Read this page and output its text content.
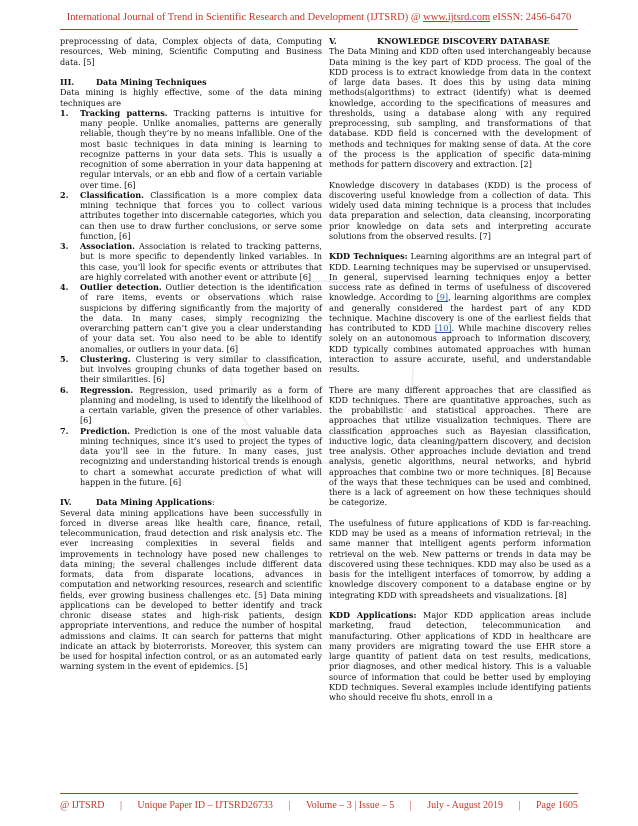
International Journal of Trend in Scientific Research and Development (IJTSRD) @ www.ijtsrd.com eISSN: 2456-6470

preprocessing of data, Complex objects of data, Computing resources, Web mining, Scientific Computing and Business data. [5]

III.	Data Mining Techniques

Data mining is highly effective, some of the data mining techniques are

1. Tracking patterns. Tracking patterns is intuitive for many people. Unlike anomalies, patterns are generally reliable, though they’re by no means infallible. One of the most basic techniques in data mining is learning to recognize patterns in your data sets. This is usually a recognition of some aberration in your data happening at regular intervals, or an ebb and flow of a certain variable over time. [6]
2. Classification. Classification is a more complex data mining technique that forces you to collect various attributes together into discernable categories, which you can then use to draw further conclusions, or serve some function, [6]
3. Association. Association is related to tracking patterns, but is more specific to dependently linked variables. In this case, you’ll look for specific events or attributes that are highly correlated with another event or attribute [6]
4. Outlier detection. Outlier detection is the identification of rare items, events or observations which raise suspicions by differing significantly from the majority of the data. In many cases, simply recognizing the overarching pattern can’t give you a clear understanding of your data set. You also need to be able to identify anomalies, or outliers in your data. [6]
5. Clustering. Clustering is very similar to classification, but involves grouping chunks of data together based on their similarities. [6]
6. Regression. Regression, used primarily as a form of planning and modeling, is used to identify the likelihood of a certain variable, given the presence of other variables. [6]
7. Prediction. Prediction is one of the most valuable data mining techniques, since it’s used to project the types of data you’ll see in the future. In many cases, just recognizing and understanding historical trends is enough to chart a somewhat accurate prediction of what will happen in the future. [6]

IV.	Data Mining Applications:

Several data mining applications have been successfully in forced in diverse areas like health care, finance, retail, telecommunication, fraud detection and risk analysis etc. The ever increasing complexities in several fields and improvements in technology have posed new challenges to data mining; the several challenges include different data formats, data from disparate locations, advances in computation and networking resources, research and scientific fields, ever growing business challenges etc. [5] Data mining applications can be developed to better identify and track chronic disease states and high-risk patients, design appropriate interventions, and reduce the number of hospital admissions and claims. It can search for patterns that might indicate an attack by bioterrorists. Moreover, this system can be used for hospital infection control, or as an automated early warning system in the event of epidemics. [5]

V.	KNOWLEDGE DISCOVERY DATABASE

The Data Mining and KDD often used interchangeably because Data mining is the key part of KDD process. The goal of the KDD process is to extract knowledge from data in the context of large data bases. It does this by using data mining methods(algorithms) to extract (identify) what is deemed knowledge, according to the specifications of measures and thresholds, using a database along with any required preprocessing, sub sampling, and transformations of that database. KDD field is concerned with the development of methods and techniques for making sense of data. At the core of the process is the application of specific data-mining methods for pattern discovery and extraction. [2]

Knowledge discovery in databases (KDD) is the process of discovering useful knowledge from a collection of data. This widely used data mining technique is a process that includes data preparation and selection, data cleansing, incorporating prior knowledge on data sets and interpreting accurate solutions from the observed results. [7]

KDD Techniques: Learning algorithms are an integral part of KDD. Learning techniques may be supervised or unsupervised. In general, supervised learning techniques enjoy a better success rate as defined in terms of usefulness of discovered knowledge. According to [9], learning algorithms are complex and generally considered the hardest part of any KDD technique. Machine discovery is one of the earliest fields that has contributed to KDD [10]. While machine discovery relies solely on an autonomous approach to information discovery, KDD typically combines automated approaches with human interaction to assure accurate, useful, and understandable results.

There are many different approaches that are classified as KDD techniques. There are quantitative approaches, such as the probabilistic and statistical approaches. There are approaches that utilize visualization techniques. There are classification approaches such as Bayesian classification, inductive logic, data cleaning/pattern discovery, and decision tree analysis. Other approaches include deviation and trend analysis, genetic algorithms, neural networks, and hybrid approaches that combine two or more techniques. [8] Because of the ways that these techniques can be used and combined, there is a lack of agreement on how these techniques should be categorize.

The usefulness of future applications of KDD is far-reaching. KDD may be used as a means of information retrieval; in the same manner that intelligent agents perform information retrieval on the web. New patterns or trends in data may be discovered using these techniques. KDD may also be used as a basis for the intelligent interfaces of tomorrow, by adding a knowledge discovery component to a database engine or by integrating KDD with spreadsheets and visualizations. [8]

KDD Applications: Major KDD application areas include marketing, fraud detection, telecommunication and manufacturing. Other applications of KDD in healthcare are many providers are migrating toward the use EHR store a large quantity of patient data on test results, medications, prior diagnoses, and other medical history. This is a valuable source of information that could be better used by employing KDD techniques. Several examples include identifying patients who should receive flu shots, enroll in a

@ IJTSRD | Unique Paper ID – IJTSRD26733 | Volume – 3 | Issue – 5 | July - August 2019 | Page 1605
